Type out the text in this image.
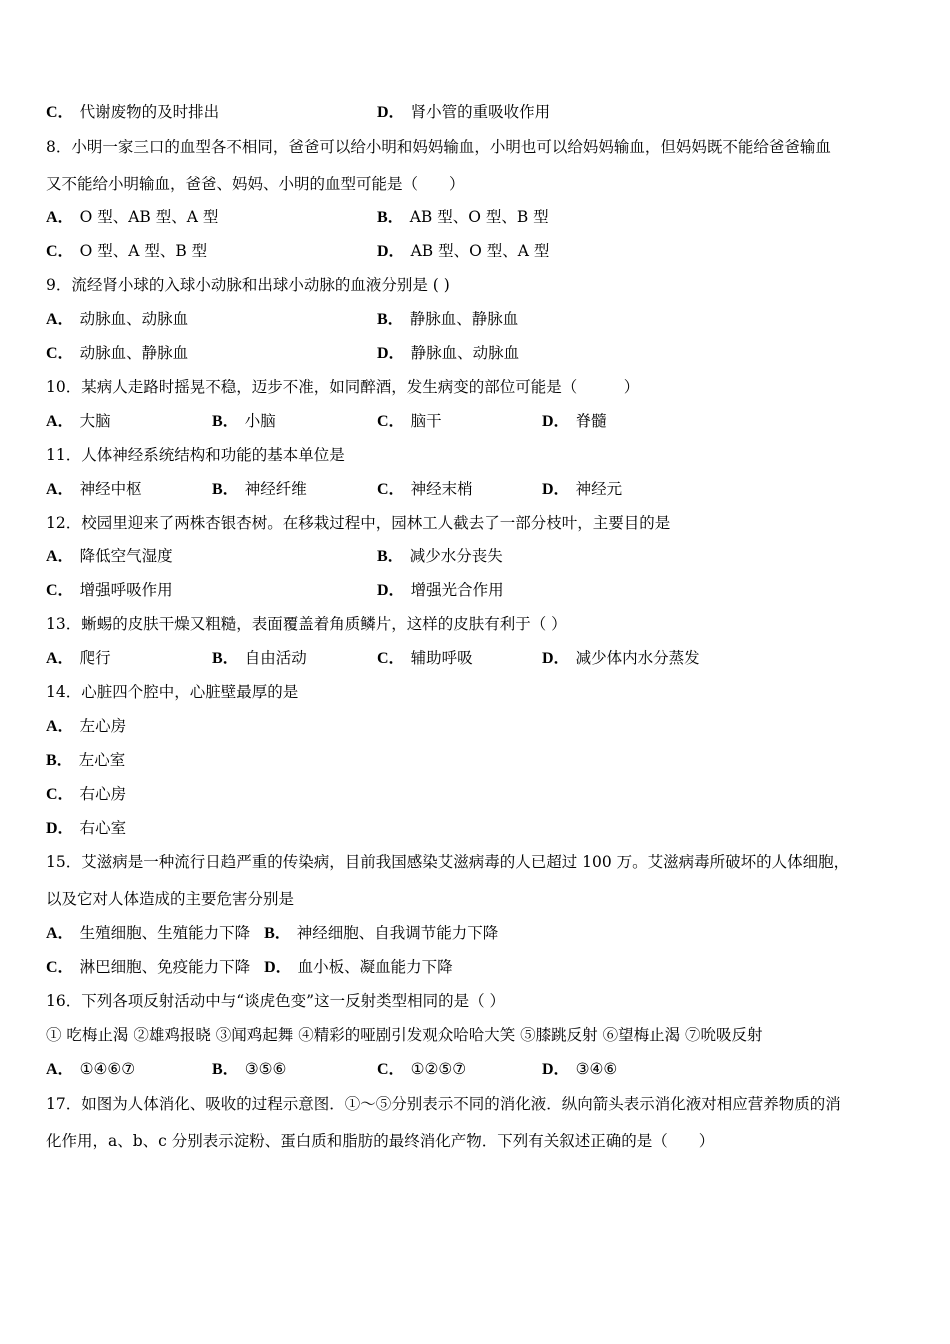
C． 代谢废物的及时排出	D． 肾小管的重吸收作用
8．小明一家三口的血型各不相同，爸爸可以给小明和妈妈输血，小明也可以给妈妈输血，但妈妈既不能给爸爸输血
又不能给小明输血，爸爸、妈妈、小明的血型可能是（　　）
A． O 型、AB 型、A 型	B． AB 型、O 型、B 型
C． O 型、A 型、B 型	D． AB 型、O 型、A 型
9．流经肾小球的入球小动脉和出球小动脉的血液分别是 ( )
A． 动脉血、动脉血	B． 静脉血、静脉血
C． 动脉血、静脉血	D． 静脉血、动脉血
10．某病人走路时摇晃不稳，迈步不准，如同醉酒，发生病变的部位可能是（　　　）
A． 大脑	B． 小脑	C． 脑干	D． 脊髓
11．人体神经系统结构和功能的基本单位是
A． 神经中枢	B． 神经纤维	C． 神经末梢	D． 神经元
12．校园里迎来了两株杏银杏树。在移栽过程中，园林工人截去了一部分枝叶，主要目的是
A． 降低空气湿度	B． 减少水分丧失
C． 增强呼吸作用	D． 增强光合作用
13．蜥蜴的皮肤干燥又粗糙，表面覆盖着角质鳞片，这样的皮肤有利于（ ）
A． 爬行	B． 自由活动	C． 辅助呼吸	D． 减少体内水分蒸发
14．心脏四个腔中，心脏壁最厚的是
A． 左心房
B． 左心室
C． 右心房
D． 右心室
15．艾滋病是一种流行日趋严重的传染病，目前我国感染艾滋病毒的人已超过 100 万。艾滋病毒所破坏的人体细胞，
以及它对人体造成的主要危害分别是
A． 生殖细胞、生殖能力下降 B． 神经细胞、自我调节能力下降
C． 淋巴细胞、免疫能力下降 D． 血小板、凝血能力下降
16．下列各项反射活动中与“谈虎色变”这一反射类型相同的是（ ）
① 吃梅止渴 ②雄鸡报晓 ③闻鸡起舞 ④精彩的哑剧引发观众哈哈大笑 ⑤膝跳反射 ⑥望梅止渴 ⑦吮吸反射
A． ①④⑥⑦	B． ③⑤⑥	C． ①②⑤⑦	D． ③④⑥
17．如图为人体消化、吸收的过程示意图．①～⑤分别表示不同的消化液．纵向箭头表示消化液对相应营养物质的消
化作用，a、b、c 分别表示淀粉、蛋白质和脂肪的最终消化产物．下列有关叙述正确的是（　　）
